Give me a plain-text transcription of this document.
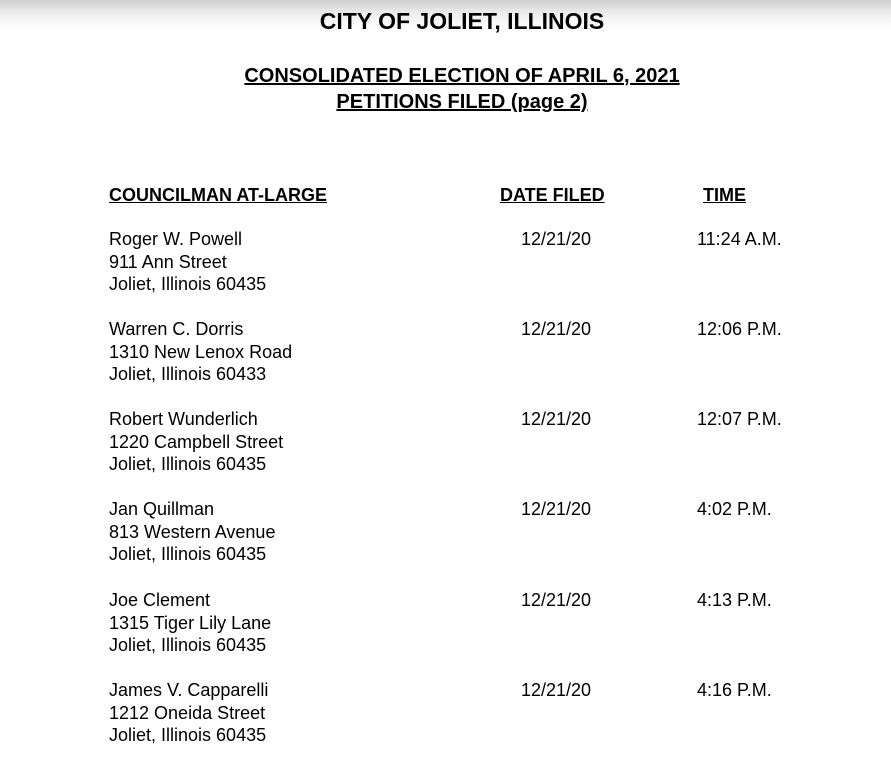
CITY OF JOLIET, ILLINOIS
CONSOLIDATED ELECTION OF APRIL 6, 2021
PETITIONS FILED (page 2)
COUNCILMAN AT-LARGE	DATE FILED	TIME
Roger W. Powell
911 Ann Street
Joliet, Illinois 60435
12/21/20	11:24 A.M.
Warren C. Dorris
1310 New Lenox Road
Joliet, Illinois 60433
12/21/20	12:06 P.M.
Robert Wunderlich
1220 Campbell Street
Joliet, Illinois 60435
12/21/20	12:07 P.M.
Jan Quillman
813 Western Avenue
Joliet, Illinois 60435
12/21/20	4:02 P.M.
Joe Clement
1315 Tiger Lily Lane
Joliet, Illinois 60435
12/21/20	4:13 P.M.
James V. Capparelli
1212 Oneida Street
Joliet, Illinois 60435
12/21/20	4:16 P.M.
